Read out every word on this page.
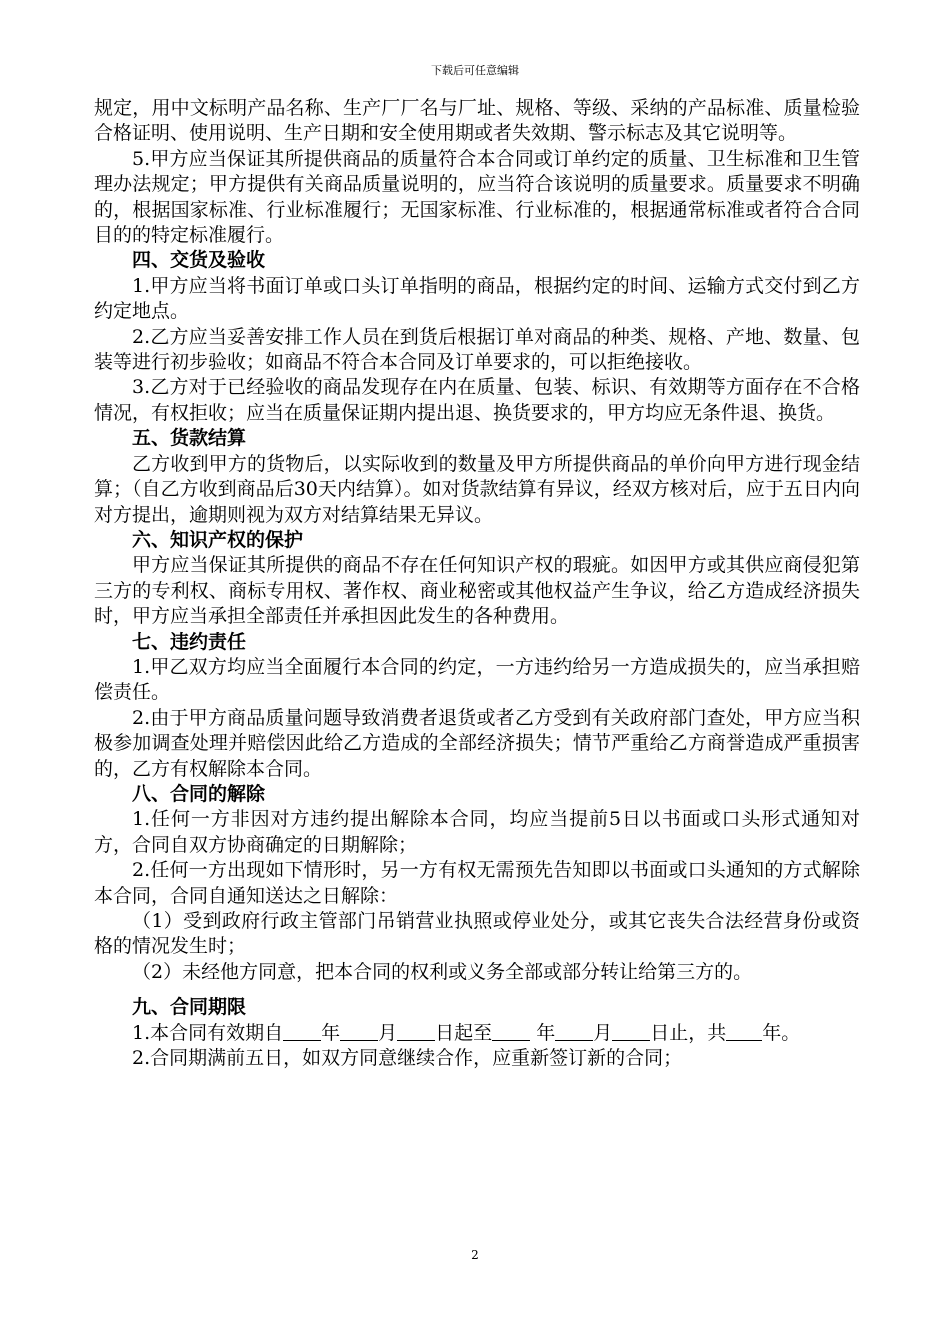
下载后可任意编辑

规定，用中文标明产品名称、生产厂厂名与厂址、规格、等级、采纳的产品标准、质量检验合格证明、使用说明、生产日期和安全使用期或者失效期、警示标志及其它说明等。

5.甲方应当保证其所提供商品的质量符合本合同或订单约定的质量、卫生标准和卫生管理办法规定；甲方提供有关商品质量说明的，应当符合该说明的质量要求。质量要求不明确的，根据国家标准、行业标准履行；无国家标准、行业标准的，根据通常标准或者符合合同目的的特定标准履行。

四、交货及验收

1.甲方应当将书面订单或口头订单指明的商品，根据约定的时间、运输方式交付到乙方约定地点。

2.乙方应当妥善安排工作人员在到货后根据订单对商品的种类、规格、产地、数量、包装等进行初步验收；如商品不符合本合同及订单要求的，可以拒绝接收。

3.乙方对于已经验收的商品发现存在内在质量、包装、标识、有效期等方面存在不合格情况，有权拒收；应当在质量保证期内提出退、换货要求的，甲方均应无条件退、换货。

五、货款结算

乙方收到甲方的货物后，以实际收到的数量及甲方所提供商品的单价向甲方进行现金结算；（自乙方收到商品后30天内结算）。如对货款结算有异议，经双方核对后，应于五日内向对方提出，逾期则视为双方对结算结果无异议。

六、知识产权的保护

甲方应当保证其所提供的商品不存在任何知识产权的瑕疵。如因甲方或其供应商侵犯第三方的专利权、商标专用权、著作权、商业秘密或其他权益产生争议，给乙方造成经济损失时，甲方应当承担全部责任并承担因此发生的各种费用。

七、违约责任

1.甲乙双方均应当全面履行本合同的约定，一方违约给另一方造成损失的，应当承担赔偿责任。

2.由于甲方商品质量问题导致消费者退货或者乙方受到有关政府部门查处，甲方应当积极参加调查处理并赔偿因此给乙方造成的全部经济损失；情节严重给乙方商誉造成严重损害的，乙方有权解除本合同。

八、合同的解除

1.任何一方非因对方违约提出解除本合同，均应当提前5日以书面或口头形式通知对方，合同自双方协商确定的日期解除；

2.任何一方出现如下情形时，另一方有权无需预先告知即以书面或口头通知的方式解除本合同，合同自通知送达之日解除：

（1）受到政府行政主管部门吊销营业执照或停业处分，或其它丧失合法经营身份或资格的情况发生时；

（2）未经他方同意，把本合同的权利或义务全部或部分转让给第三方的。

九、合同期限

1.本合同有效期自 年 月 日起至 年 月 日止，共 年。

2.合同期满前五日，如双方同意继续合作，应重新签订新的合同；

2
